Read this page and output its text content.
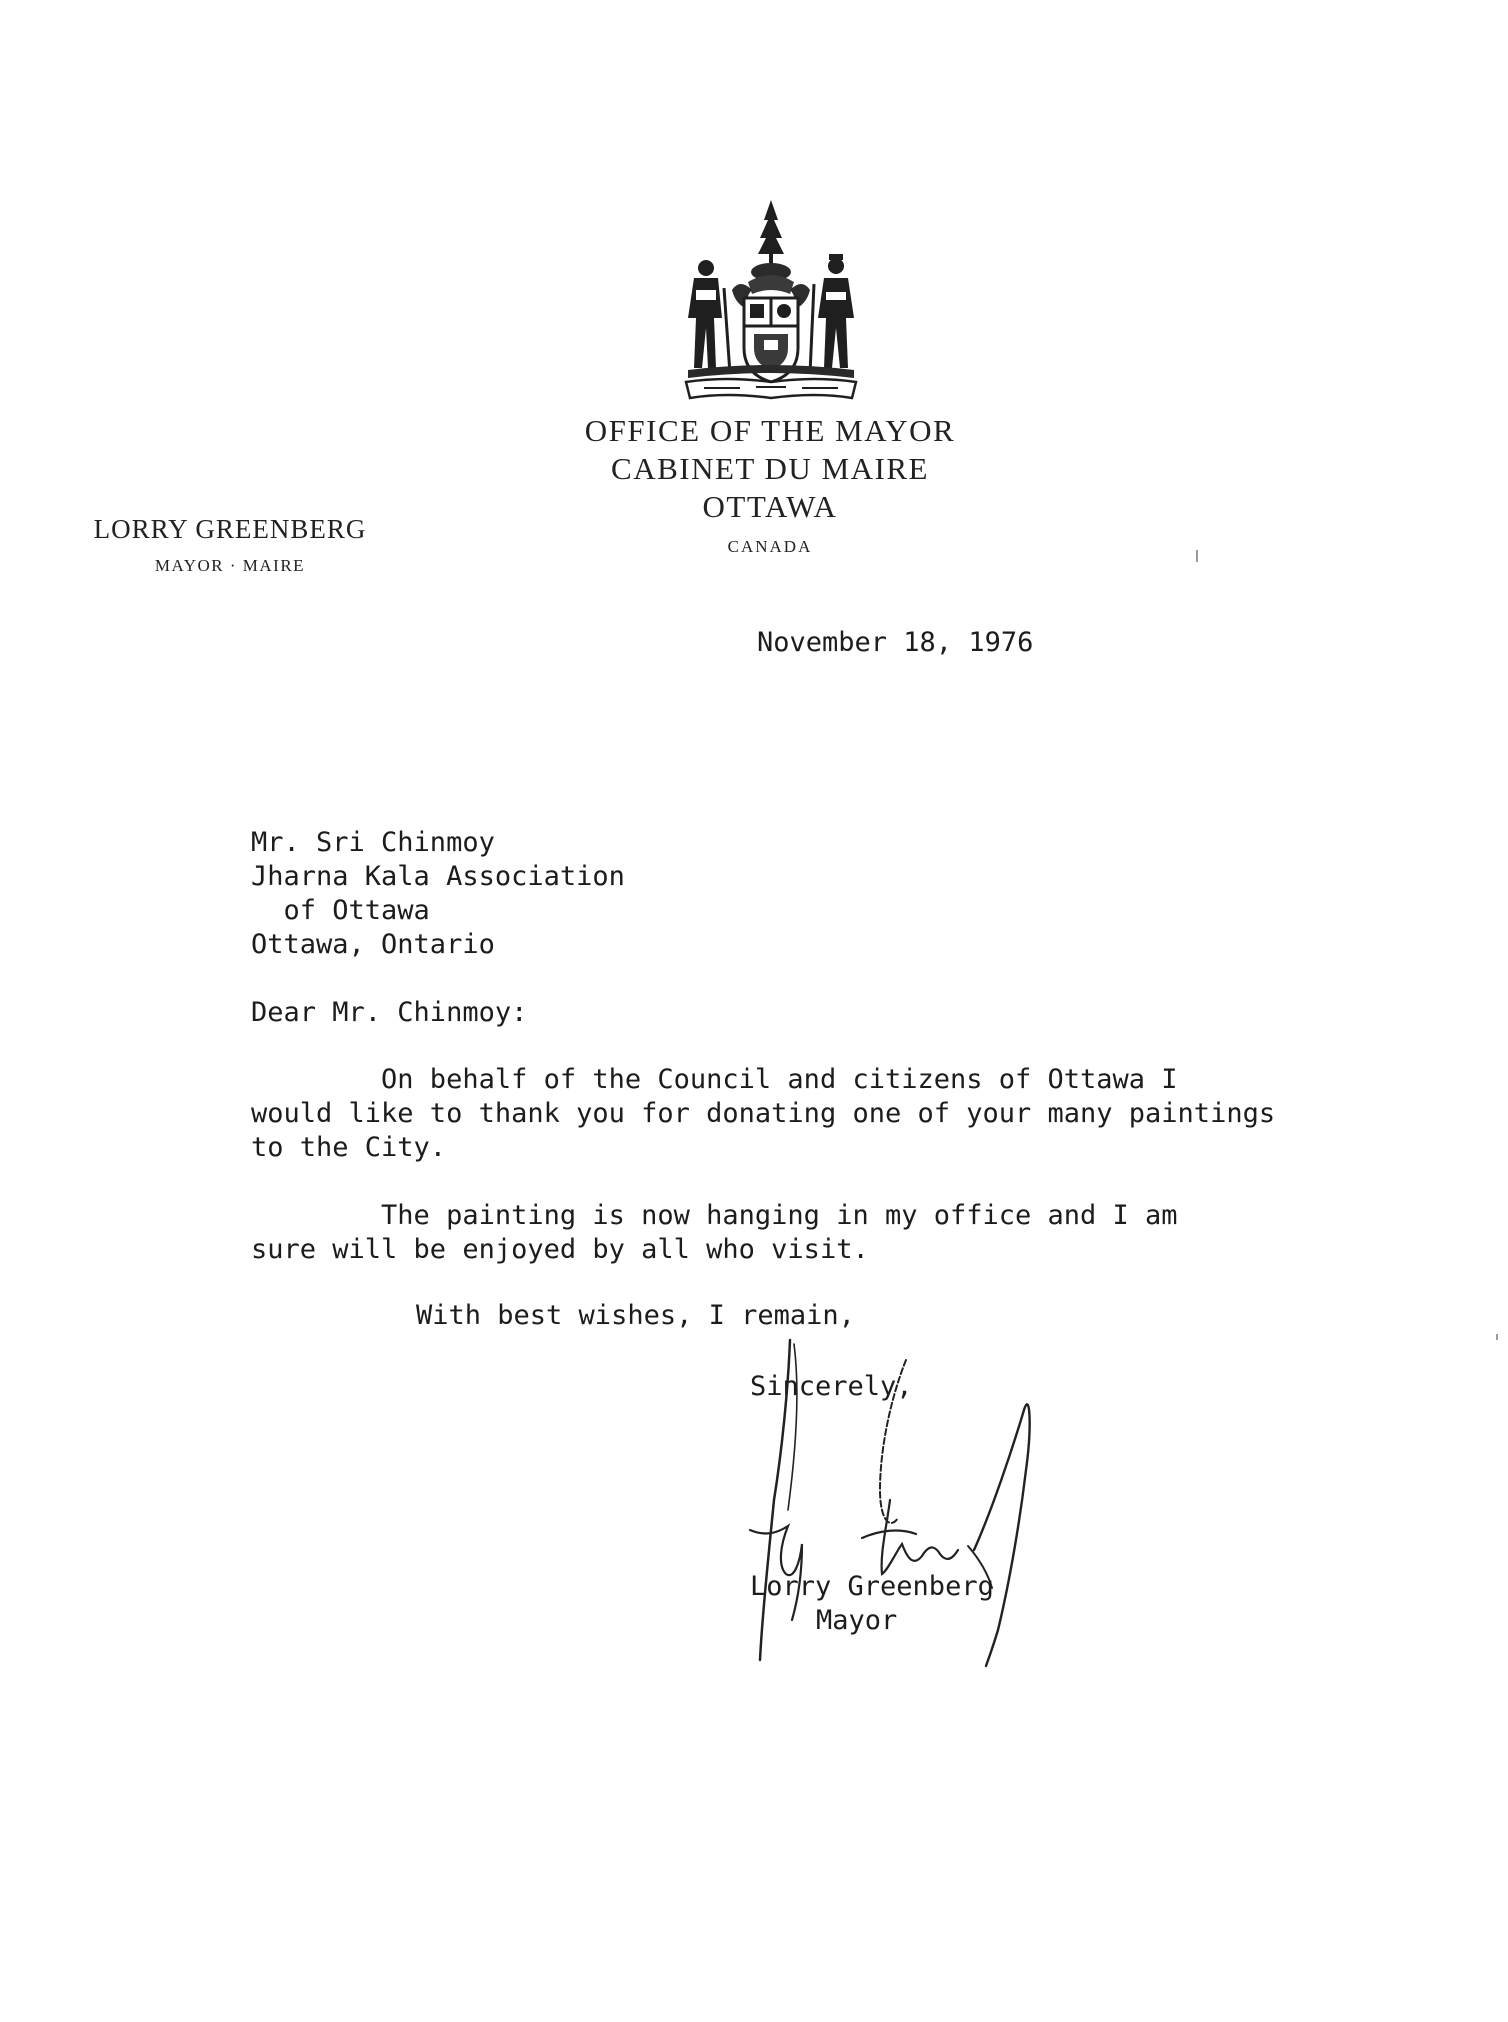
OFFICE OF THE MAYOR
CABINET DU MAIRE
OTTAWA
CANADA
LORRY GREENBERG
MAYOR · MAIRE
November 18, 1976
Mr. Sri Chinmoy
Jharna Kala Association
of Ottawa
Ottawa, Ontario
Dear Mr. Chinmoy:
On behalf of the Council and citizens of Ottawa I
would like to thank you for donating one of your many paintings
to the City.
The painting is now hanging in my office and I am
sure will be enjoyed by all who visit.
With best wishes, I remain,
Sincerely,
Lorry Greenberg
Mayor
